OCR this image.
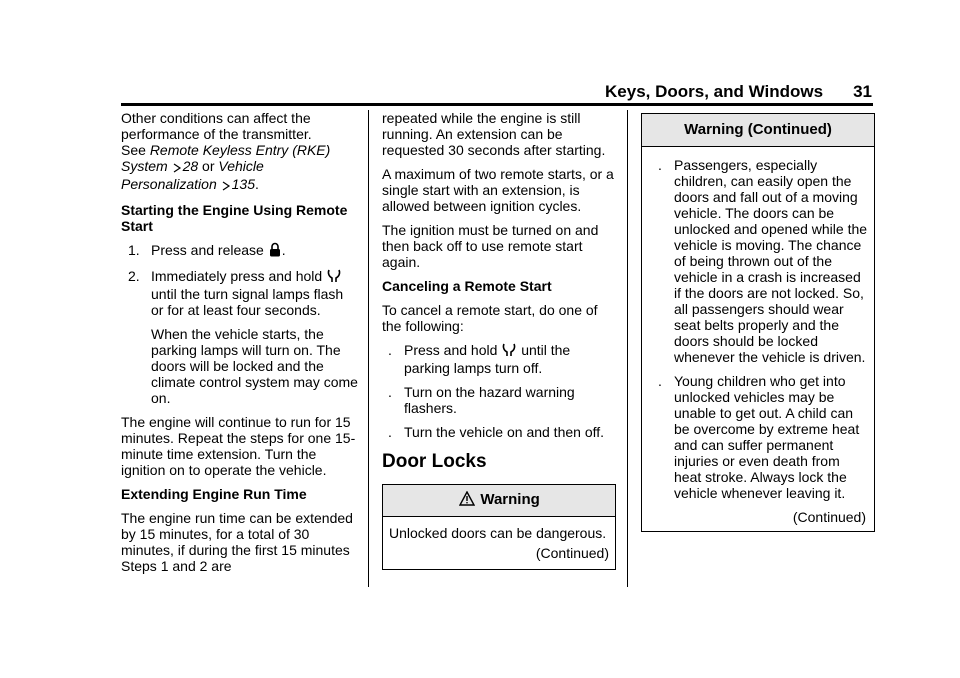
Keys, Doors, and Windows 31

Other conditions can affect the performance of the transmitter.
See Remote Keyless Entry (RKE) System 28 or Vehicle Personalization 135.

Starting the Engine Using Remote Start

1. Press and release .
2. Immediately press and hold  until the turn signal lamps flash or for at least four seconds.

When the vehicle starts, the parking lamps will turn on. The doors will be locked and the climate control system may come on.

The engine will continue to run for 15 minutes. Repeat the steps for one 15-minute time extension. Turn the ignition on to operate the vehicle.

Extending Engine Run Time

The engine run time can be extended by 15 minutes, for a total of 30 minutes, if during the first 15 minutes Steps 1 and 2 are

repeated while the engine is still running. An extension can be requested 30 seconds after starting.

A maximum of two remote starts, or a single start with an extension, is allowed between ignition cycles.

The ignition must be turned on and then back off to use remote start again.

Canceling a Remote Start

To cancel a remote start, do one of the following:

. Press and hold until the parking lamps turn off.
. Turn on the hazard warning flashers.
. Turn the vehicle on and then off.
Door Locks
Warning

Unlocked doors can be dangerous.

(Continued)
Warning (Continued)
. Passengers, especially children, can easily open the doors and fall out of a moving vehicle. The doors can be unlocked and opened while the vehicle is moving. The chance of being thrown out of the vehicle in a crash is increased if the doors are not locked. So, all passengers should wear seat belts properly and the doors should be locked whenever the vehicle is driven.
. Young children who get into unlocked vehicles may be unable to get out. A child can be overcome by extreme heat and can suffer permanent injuries or even death from heat stroke. Always lock the vehicle whenever leaving it.
(Continued)
